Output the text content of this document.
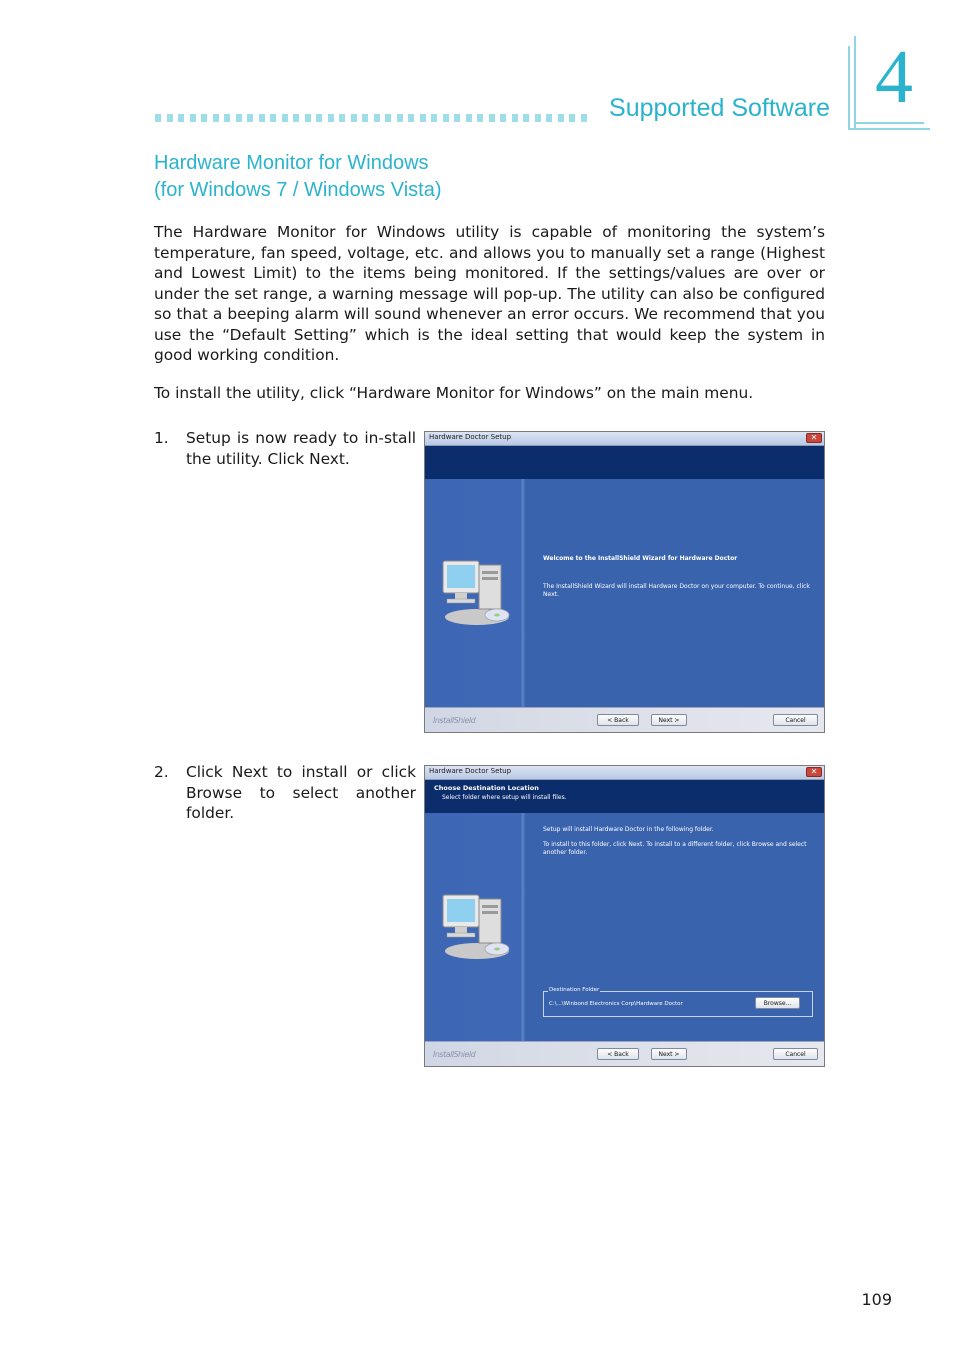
Supported Software 4
Hardware Monitor for Windows
(for Windows 7 / Windows Vista)
The Hardware Monitor for Windows utility is capable of monitoring the system’s temperature, fan speed, voltage, etc. and allows you to manually set a range (Highest and Lowest Limit) to the items being monitored. If the settings/values are over or under the set range, a warning message will pop-up. The utility can also be configured so that a beeping alarm will sound whenever an error occurs. We recommend that you use the “Default Setting” which is the ideal setting that would keep the system in good working condition.
To install the utility, click “Hardware Monitor for Windows” on the main menu.
1. Setup is now ready to in-stall the utility. Click Next.
Hardware Doctor Setup	✕
Welcome to the InstallShield Wizard for Hardware Doctor
The InstallShield Wizard will install Hardware Doctor on your computer. To continue, click Next.
InstallShield	< Back	Next >	Cancel
2. Click Next to install or click Browse to select another folder.
Hardware Doctor Setup	✕
Choose Destination Location
Select folder where setup will install files.
Setup will install Hardware Doctor in the following folder.
To install to this folder, click Next. To install to a different folder, click Browse and select another folder.
Destination Folder
C:\...\Winbond Electronics Corp\Hardware Doctor	Browse...
InstallShield	< Back	Next >	Cancel
109
